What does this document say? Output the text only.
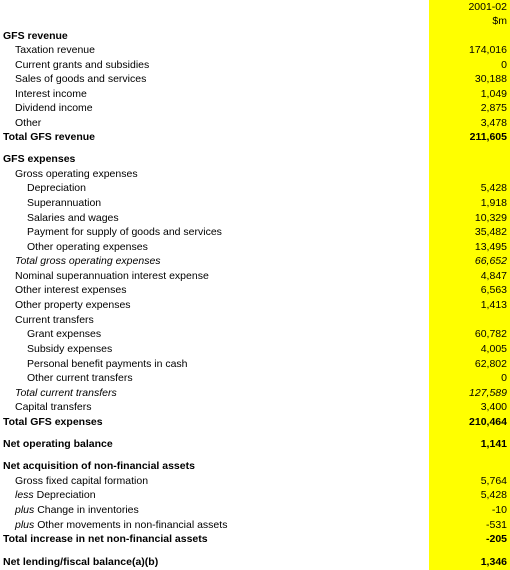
2001-02
$m
GFS revenue
Taxation revenue	174,016
Current grants and subsidies	0
Sales of goods and services	30,188
Interest income	1,049
Dividend income	2,875
Other	3,478
Total GFS revenue	211,605
GFS expenses
Gross operating expenses
Depreciation	5,428
Superannuation	1,918
Salaries and wages	10,329
Payment for supply of goods and services	35,482
Other operating expenses	13,495
Total gross operating expenses	66,652
Nominal superannuation interest expense	4,847
Other interest expenses	6,563
Other property expenses	1,413
Current transfers
Grant expenses	60,782
Subsidy expenses	4,005
Personal benefit payments in cash	62,802
Other current transfers	0
Total current transfers	127,589
Capital transfers	3,400
Total GFS expenses	210,464
Net operating balance	1,141
Net acquisition of non-financial assets
Gross fixed capital formation	5,764
less Depreciation	5,428
plus Change in inventories	-10
plus Other movements in non-financial assets	-531
Total increase in net non-financial assets	-205
Net lending/fiscal balance(a)(b)	1,346
